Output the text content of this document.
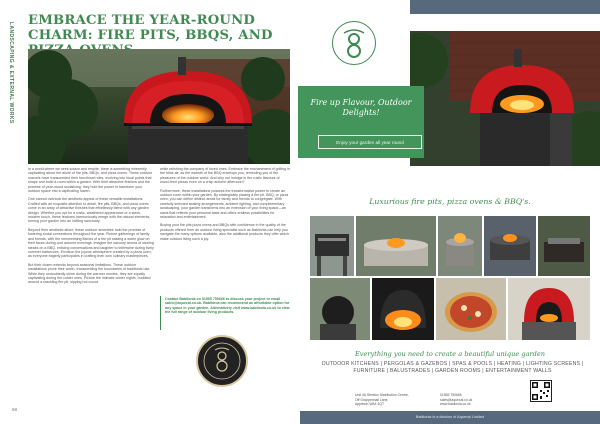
LANDSCAPING & EXTERNAL WORKS
EMBRACE THE YEAR-ROUND CHARM: FIRE PITS, BBQS, AND

In a world where we seek solace and respite, there is something inherently captivating about the allure of fire pits, BBQs, and pizza ovens. These outdoor marvels have transcended their functional roles, evolving into focal points that shape and build a room within a garden. With their attractive finishes and the promise of year-round socialising, they hold the power to transform your outdoor space into a captivating haven.

One cannot overlook the aesthetic appeal of these versatile installations. Crafted with an exquisite attention to detail, fire pits, BBQs, and pizza ovens come in an array of attractive finishes that effortlessly blend with any garden design. Whether you opt for a rustic, weathered appearance or a sleek, modern touch, these features harmoniously merge with the natural elements, turning your garden into an inviting sanctuary.

Beyond their aesthetic allure, these outdoor amenities hold the promise of fostering social connections throughout the year. Picture gatherings of family and friends, with the mesmerising flames of a fire pit casting a warm glow on their faces during cool autumn evenings. Imagine the savoury aroma of sizzling steaks on a BBQ, enticing conversations and laughter to intertwine during lively summer barbecues. Envision the joyous atmosphere created by a pizza oven, as everyone eagerly participates in crafting their own culinary masterpieces.

But their charm extends beyond seasonal limitations. These outdoor installations prove their worth, transcending the boundaries of traditional use. While they undoubtedly shine during the warmer months, they are equally captivating during the colder ones. Picture the intimate winter nights, huddled around a crackling fire pit, sipping hot cocoa

while relishing the company of loved ones. Embrace the enchantment of grilling in the brisk air, as the warmth of the BBQ envelops you, reminding you of the pleasures of the outdoor world. And why not indulge in the rustic flavours of wood-fired pizzas even on a crisp autumn afternoon?

Furthermore, these installations possess the transformative power to create an outdoor room within your garden. By strategically placing a fire pit, BBQ, or pizza oven, you can define distinct areas for family and friends to congregate. With carefully selected seating arrangements, ambient lighting, and complementary landscaping, your garden transforms into an extension of your living space—an oasis that reflects your personal taste and offers endless possibilities for relaxation and entertainment.

Buying your fire pits pizza ovens and BBQs with confidence in the quality of the products offered from an outdoor living specialist such as Babilonia can help you navigate the many options available, also the additional products they offer which make outdoor living such a joy.

Contact Babilonia on 01565 750666 to discuss your project or email sales@aquecal.co.uk. Babilonia can recommend an affordable option for any space in your garden. Alternatively visit www.babilonia.co.uk to view the full range of outdoor living products.
68
Fire up Flavour, Outdoor Delights!
Enjoy your garden all year round
Luxurious fire pits, pizza ovens & BBQ's.
Everything you need to create a beautiful unique garden
OUTDOOR KITCHENS | PERGOLAS & GAZEBOS | SPAS & POOLS | HEATING | LIGHTING SCREENS | FURNITURE | BALUSTRADES | GARDEN ROOMS | ENTERTAINMENT WALLS
Unit 4A Stretton Distribution Centre,
Off Grappenhall Lane,
Appleton WA4 4QT
01565 750666
sales@aquecal.co.uk
www.babilonia.co.uk
Babilonia is a division of Aquecal Limited
